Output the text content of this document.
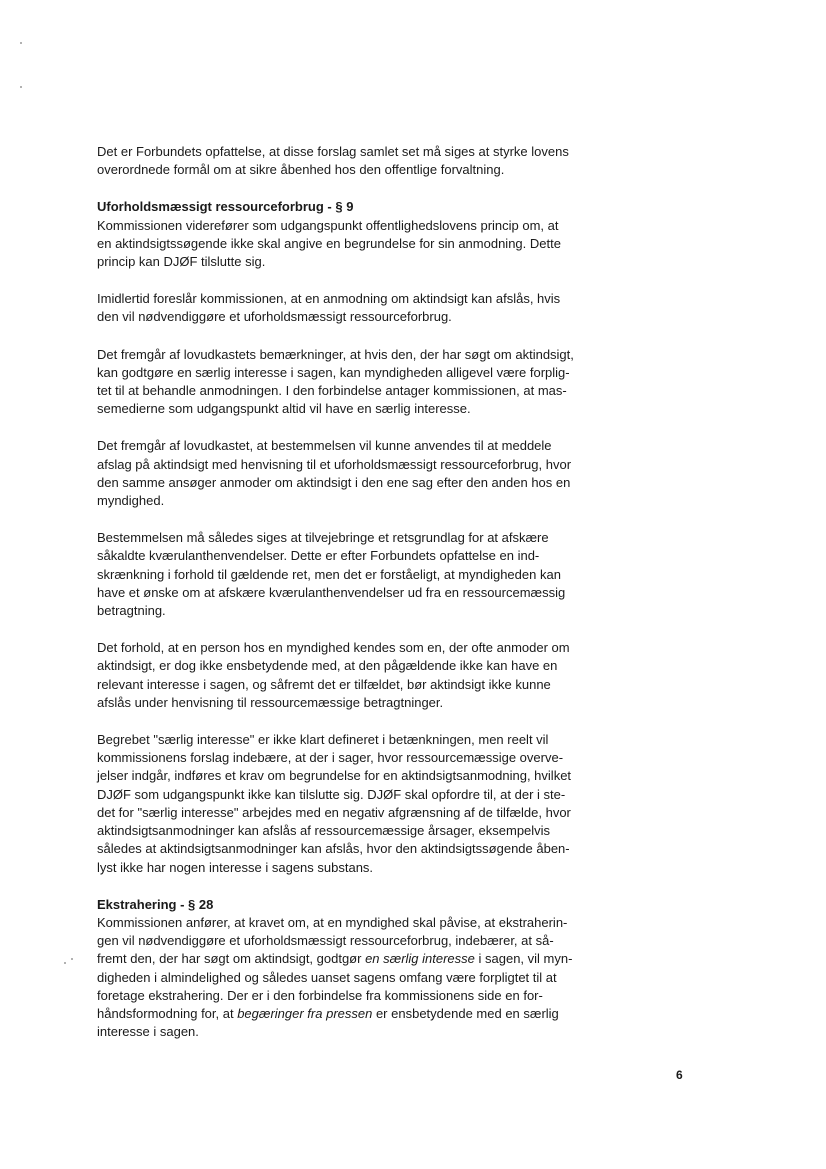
Det er Forbundets opfattelse, at disse forslag samlet set må siges at styrke lovens
overordnede formål om at sikre åbenhed hos den offentlige forvaltning.

Uforholdsmæssigt ressourceforbrug - § 9

Kommissionen viderefører som udgangspunkt offentlighedslovens princip om, at
en aktindsigtssøgende ikke skal angive en begrundelse for sin anmodning. Dette
princip kan DJØF tilslutte sig.

Imidlertid foreslår kommissionen, at en anmodning om aktindsigt kan afslås, hvis
den vil nødvendiggøre et uforholdsmæssigt ressourceforbrug.

Det fremgår af lovudkastets bemærkninger, at hvis den, der har søgt om aktindsigt,
kan godtgøre en særlig interesse i sagen, kan myndigheden alligevel være forplig-
tet til at behandle anmodningen. I den forbindelse antager kommissionen, at mas-
semedierne som udgangspunkt altid vil have en særlig interesse.

Det fremgår af lovudkastet, at bestemmelsen vil kunne anvendes til at meddele
afslag på aktindsigt med henvisning til et uforholdsmæssigt ressourceforbrug, hvor
den samme ansøger anmoder om aktindsigt i den ene sag efter den anden hos en
myndighed.

Bestemmelsen må således siges at tilvejebringe et retsgrundlag for at afskære
såkaldte kværulanthenvendelser. Dette er efter Forbundets opfattelse en ind-
skrænkning i forhold til gældende ret, men det er forståeligt, at myndigheden kan
have et ønske om at afskære kværulanthenvendelser ud fra en ressourcemæssig
betragtning.

Det forhold, at en person hos en myndighed kendes som en, der ofte anmoder om
aktindsigt, er dog ikke ensbetydende med, at den pågældende ikke kan have en
relevant interesse i sagen, og såfremt det er tilfældet, bør aktindsigt ikke kunne
afslås under henvisning til ressourcemæssige betragtninger.

Begrebet "særlig interesse" er ikke klart defineret i betænkningen, men reelt vil
kommissionens forslag indebære, at der i sager, hvor ressourcemæssige overve-
jelser indgår, indføres et krav om begrundelse for en aktindsigtsanmodning, hvilket
DJØF som udgangspunkt ikke kan tilslutte sig. DJØF skal opfordre til, at der i ste-
det for "særlig interesse" arbejdes med en negativ afgrænsning af de tilfælde, hvor
aktindsigtsanmodninger kan afslås af ressourcemæssige årsager, eksempelvis
således at aktindsigtsanmodninger kan afslås, hvor den aktindsigtssøgende åben-
lyst ikke har nogen interesse i sagens substans.

Ekstrahering - § 28

Kommissionen anfører, at kravet om, at en myndighed skal påvise, at ekstraherin-
gen vil nødvendiggøre et uforholdsmæssigt ressourceforbrug, indebærer, at så-
fremt den, der har søgt om aktindsigt, godtgør en særlig interesse i sagen, vil myn-
digheden i almindelighed og således uanset sagens omfang være forpligtet til at
foretage ekstrahering. Der er i den forbindelse fra kommissionens side en for-
håndsformodning for, at begæringer fra pressen er ensbetydende med en særlig
interesse i sagen.

6
